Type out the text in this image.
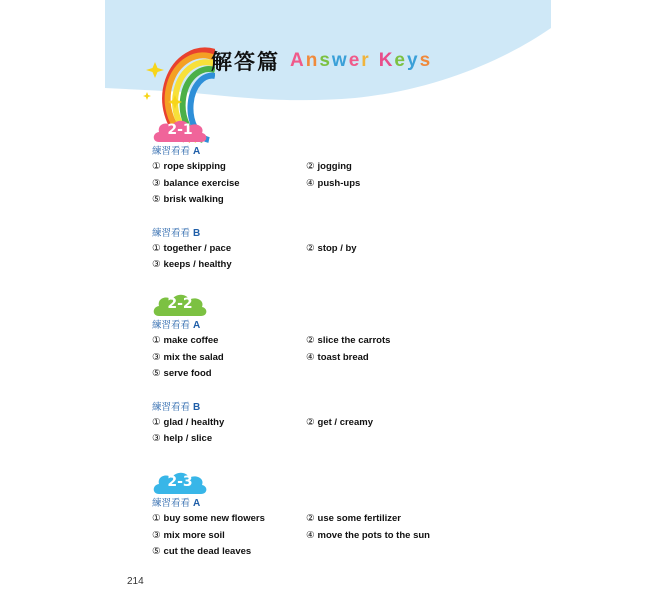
解答篇 A n s w e r K e y s
2-1
練習看看 A
① rope skipping	② jogging
③ balance exercise	④ push-ups
⑤ brisk walking
練習看看 B
① together / pace	② stop / by
③ keeps / healthy
2-2
練習看看 A
① make coffee	② slice the carrots
③ mix the salad	④ toast bread
⑤ serve food
練習看看 B
① glad / healthy	② get / creamy
③ help / slice
2-3
練習看看 A
① buy some new flowers	② use some fertilizer
③ mix more soil	④ move the pots to the sun
⑤ cut the dead leaves
214
